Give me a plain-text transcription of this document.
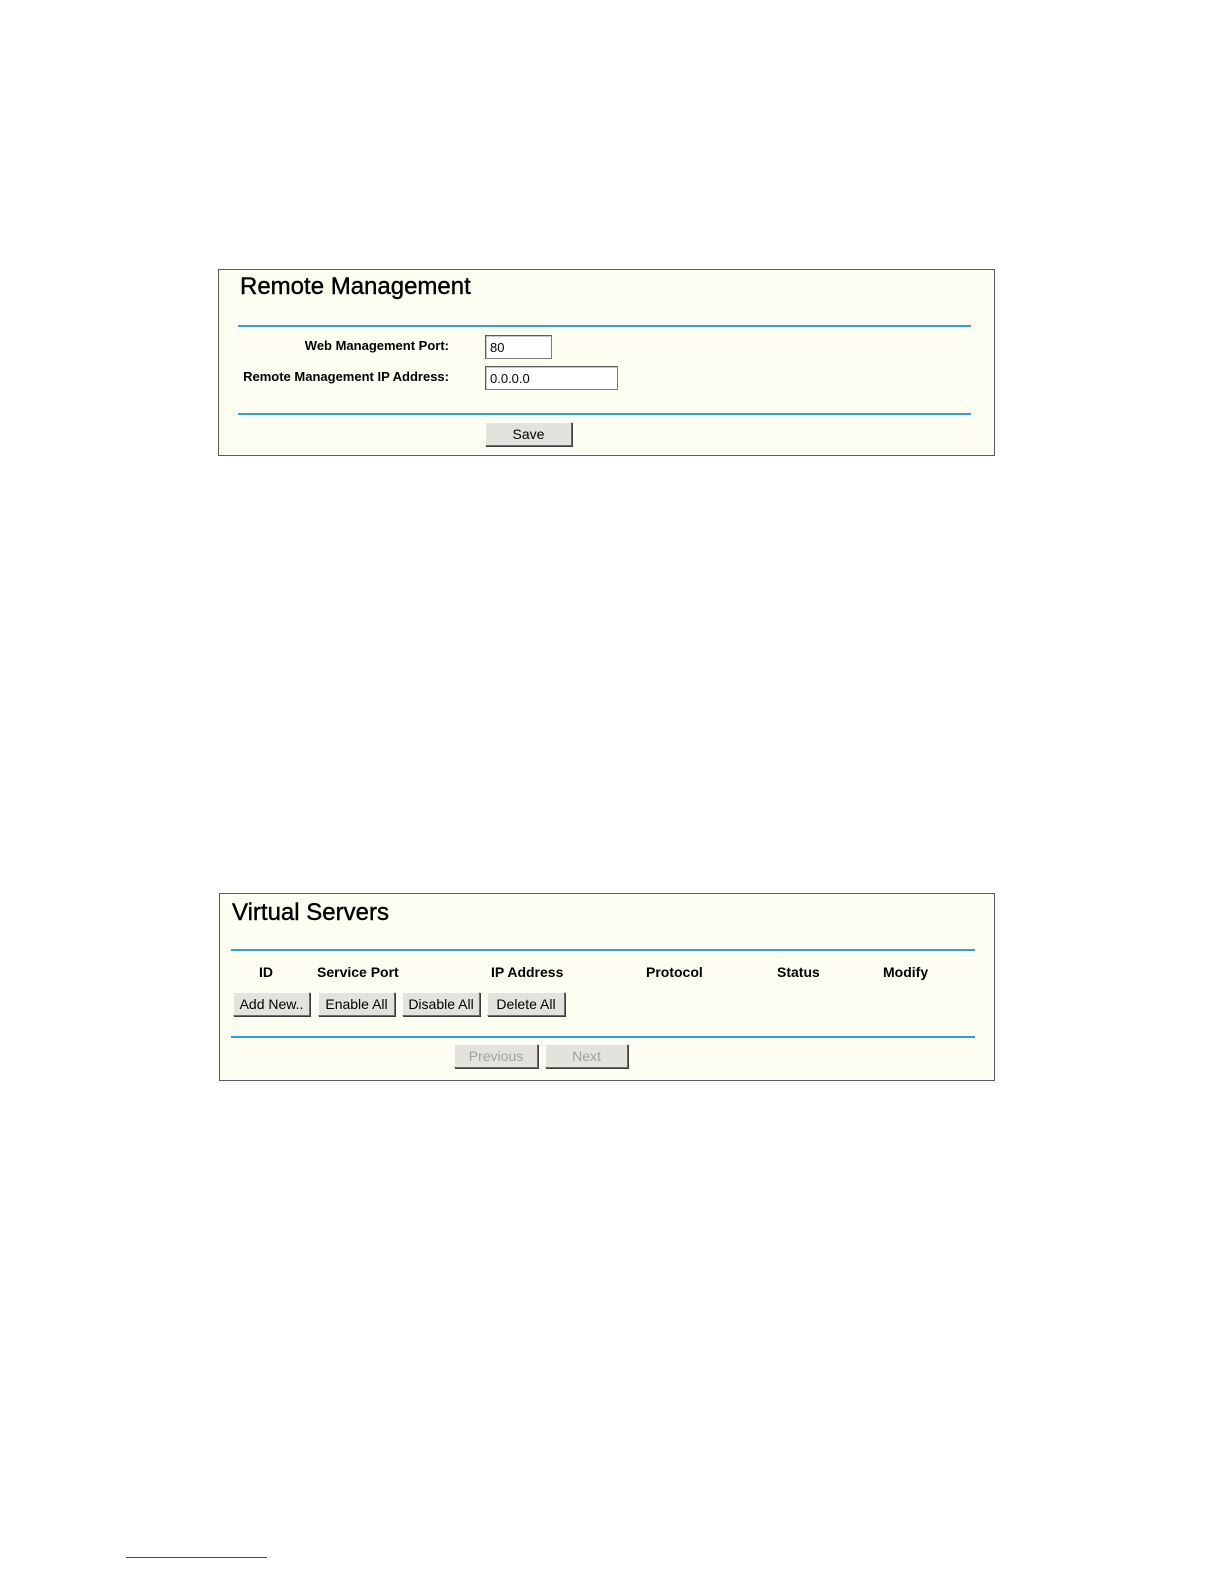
Remote Management
Web Management Port:
80
Remote Management IP Address:
0.0.0.0
Save
Virtual Servers
ID	Service Port	IP Address	Protocol	Status	Modify
Add New..	Enable All	Disable All	Delete All
Previous	Next
